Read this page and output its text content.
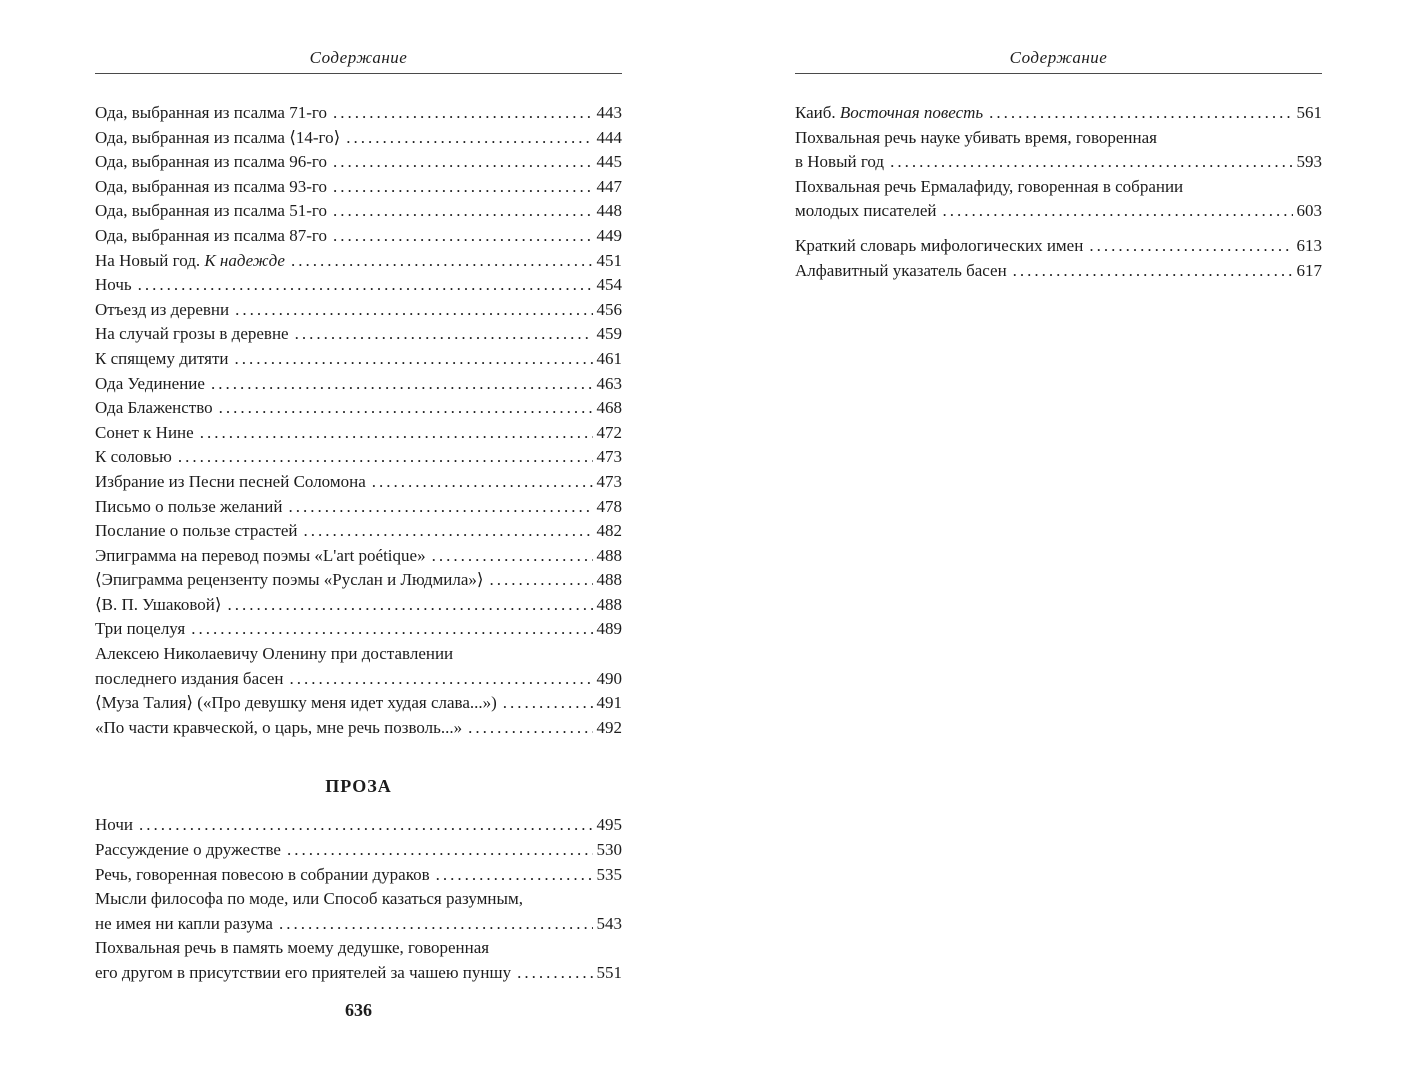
Содержание
Ода, выбранная из псалма 71-го .....	443
Ода, выбранная из псалма ⟨14-го⟩ .....	444
Ода, выбранная из псалма 96-го .....	445
Ода, выбранная из псалма 93-го .....	447
Ода, выбранная из псалма 51-го .....	448
Ода, выбранная из псалма 87-го .....	449
На Новый год. К надежде .....	451
Ночь .....	454
Отъезд из деревни .....	456
На случай грозы в деревне .....	459
К спящему дитяти .....	461
Ода Уединение .....	463
Ода Блаженство .....	468
Сонет к Нине .....	472
К соловью .....	473
Избрание из Песни песней Соломона .....	473
Письмо о пользе желаний .....	478
Послание о пользе страстей .....	482
Эпиграмма на перевод поэмы «L'art poétique» .....	488
⟨Эпиграмма рецензенту поэмы «Руслан и Людмила»⟩ .....	488
⟨В. П. Ушаковой⟩ .....	488
Три поцелуя .....	489
Алексею Николаевичу Оленину при доставлении
последнего издания басен .....	490
⟨Муза Талия⟩ («Про девушку меня идет худая слава...») .....	491
«По части кравческой, о царь, мне речь позволь...» .....	492
ПРОЗА
Ночи .....	495
Рассуждение о дружестве .....	530
Речь, говоренная повесою в собрании дураков .....	535
Мысли философа по моде, или Способ казаться разумным,
не имея ни капли разума .....	543
Похвальная речь в память моему дедушке, говоренная
его другом в присутствии его приятелей за чашею пуншу .....	551
636
Содержание
Каиб. Восточная повесть .....	561
Похвальная речь науке убивать время, говоренная
в Новый год .....	593
Похвальная речь Ермалафиду, говоренная в собрании
молодых писателей .....	603
Краткий словарь мифологических имен .....	613
Алфавитный указатель басен .....	617
